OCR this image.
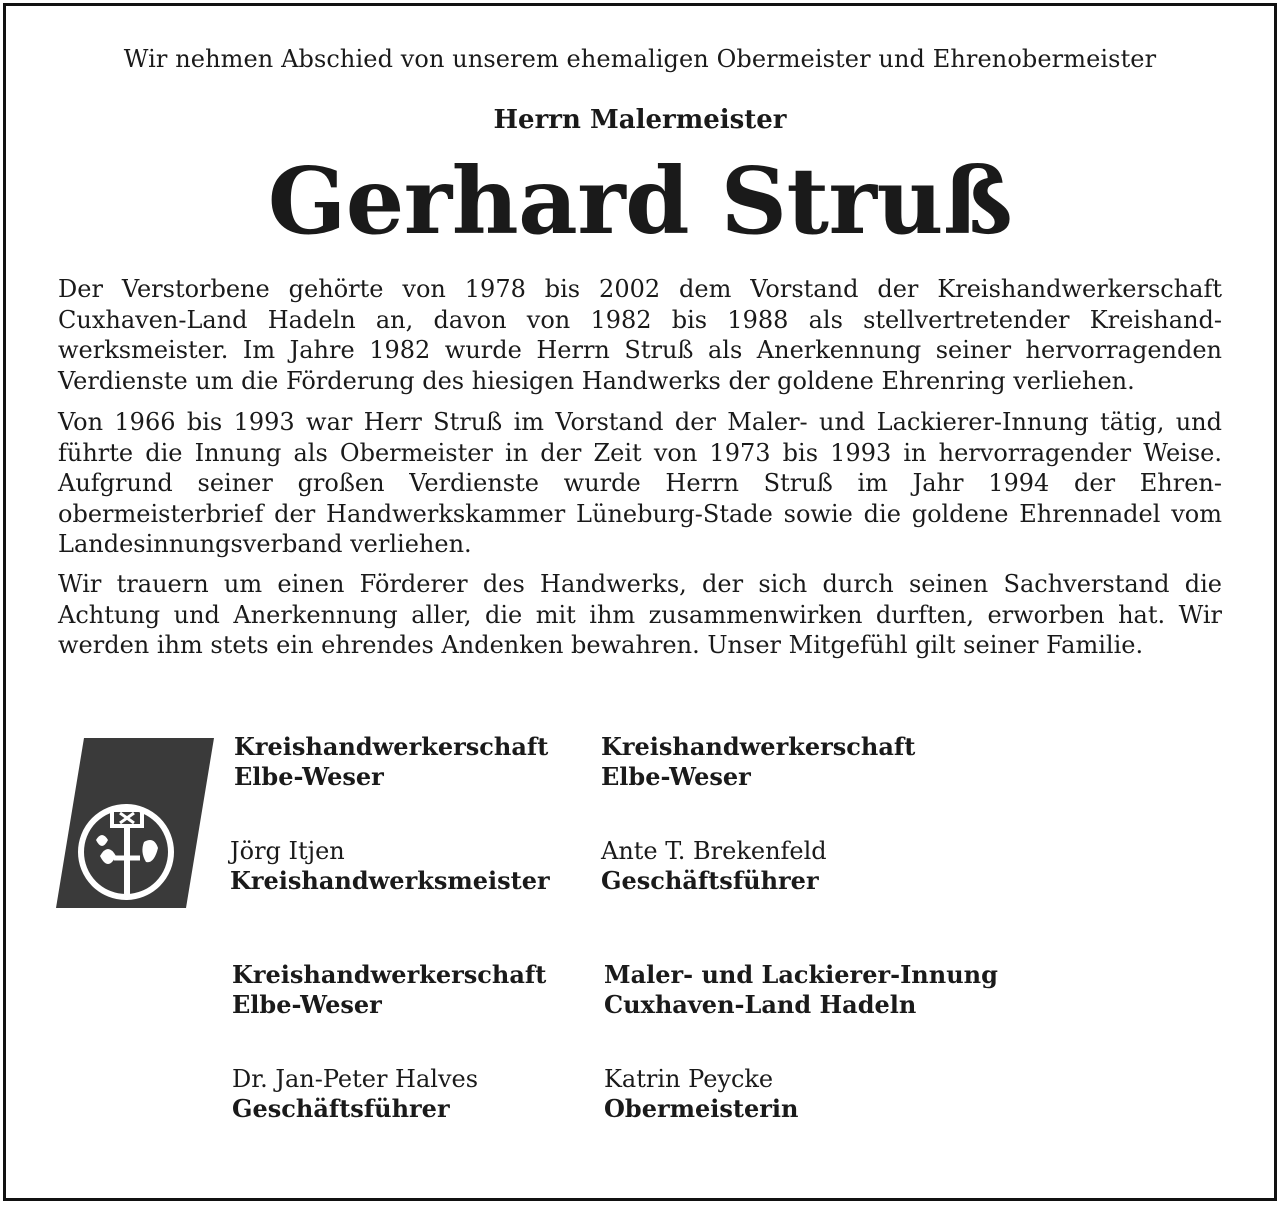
Wir nehmen Abschied von unserem ehemaligen Obermeister und Ehrenobermeister
Herrn Malermeister
Gerhard Struß
Der Verstorbene gehörte von 1978 bis 2002 dem Vorstand der Kreishandwerkerschaft Cuxhaven-Land Hadeln an, davon von 1982 bis 1988 als stellvertretender Kreishand-werksmeister. Im Jahre 1982 wurde Herrn Struß als Anerkennung seiner hervorragenden Verdienste um die Förderung des hiesigen Handwerks der goldene Ehrenring verliehen.
Von 1966 bis 1993 war Herr Struß im Vorstand der Maler- und Lackierer-Innung tätig, und führte die Innung als Obermeister in der Zeit von 1973 bis 1993 in hervorragender Weise. Aufgrund seiner großen Verdienste wurde Herrn Struß im Jahr 1994 der Ehren-obermeisterbrief der Handwerkskammer Lüneburg-Stade sowie die goldene Ehrennadel vom Landesinnungsverband verliehen.
Wir trauern um einen Förderer des Handwerks, der sich durch seinen Sachverstand die Achtung und Anerkennung aller, die mit ihm zusammenwirken durften, erworben hat. Wir werden ihm stets ein ehrendes Andenken bewahren. Unser Mitgefühl gilt seiner Familie.
Kreishandwerkerschaft
Elbe-Weser
Jörg Itjen
Kreishandwerksmeister
Kreishandwerkerschaft
Elbe-Weser
Ante T. Brekenfeld
Geschäftsführer
Kreishandwerkerschaft
Elbe-Weser
Dr. Jan-Peter Halves
Geschäftsführer
Maler- und Lackierer-Innung
Cuxhaven-Land Hadeln
Katrin Peycke
Obermeisterin
